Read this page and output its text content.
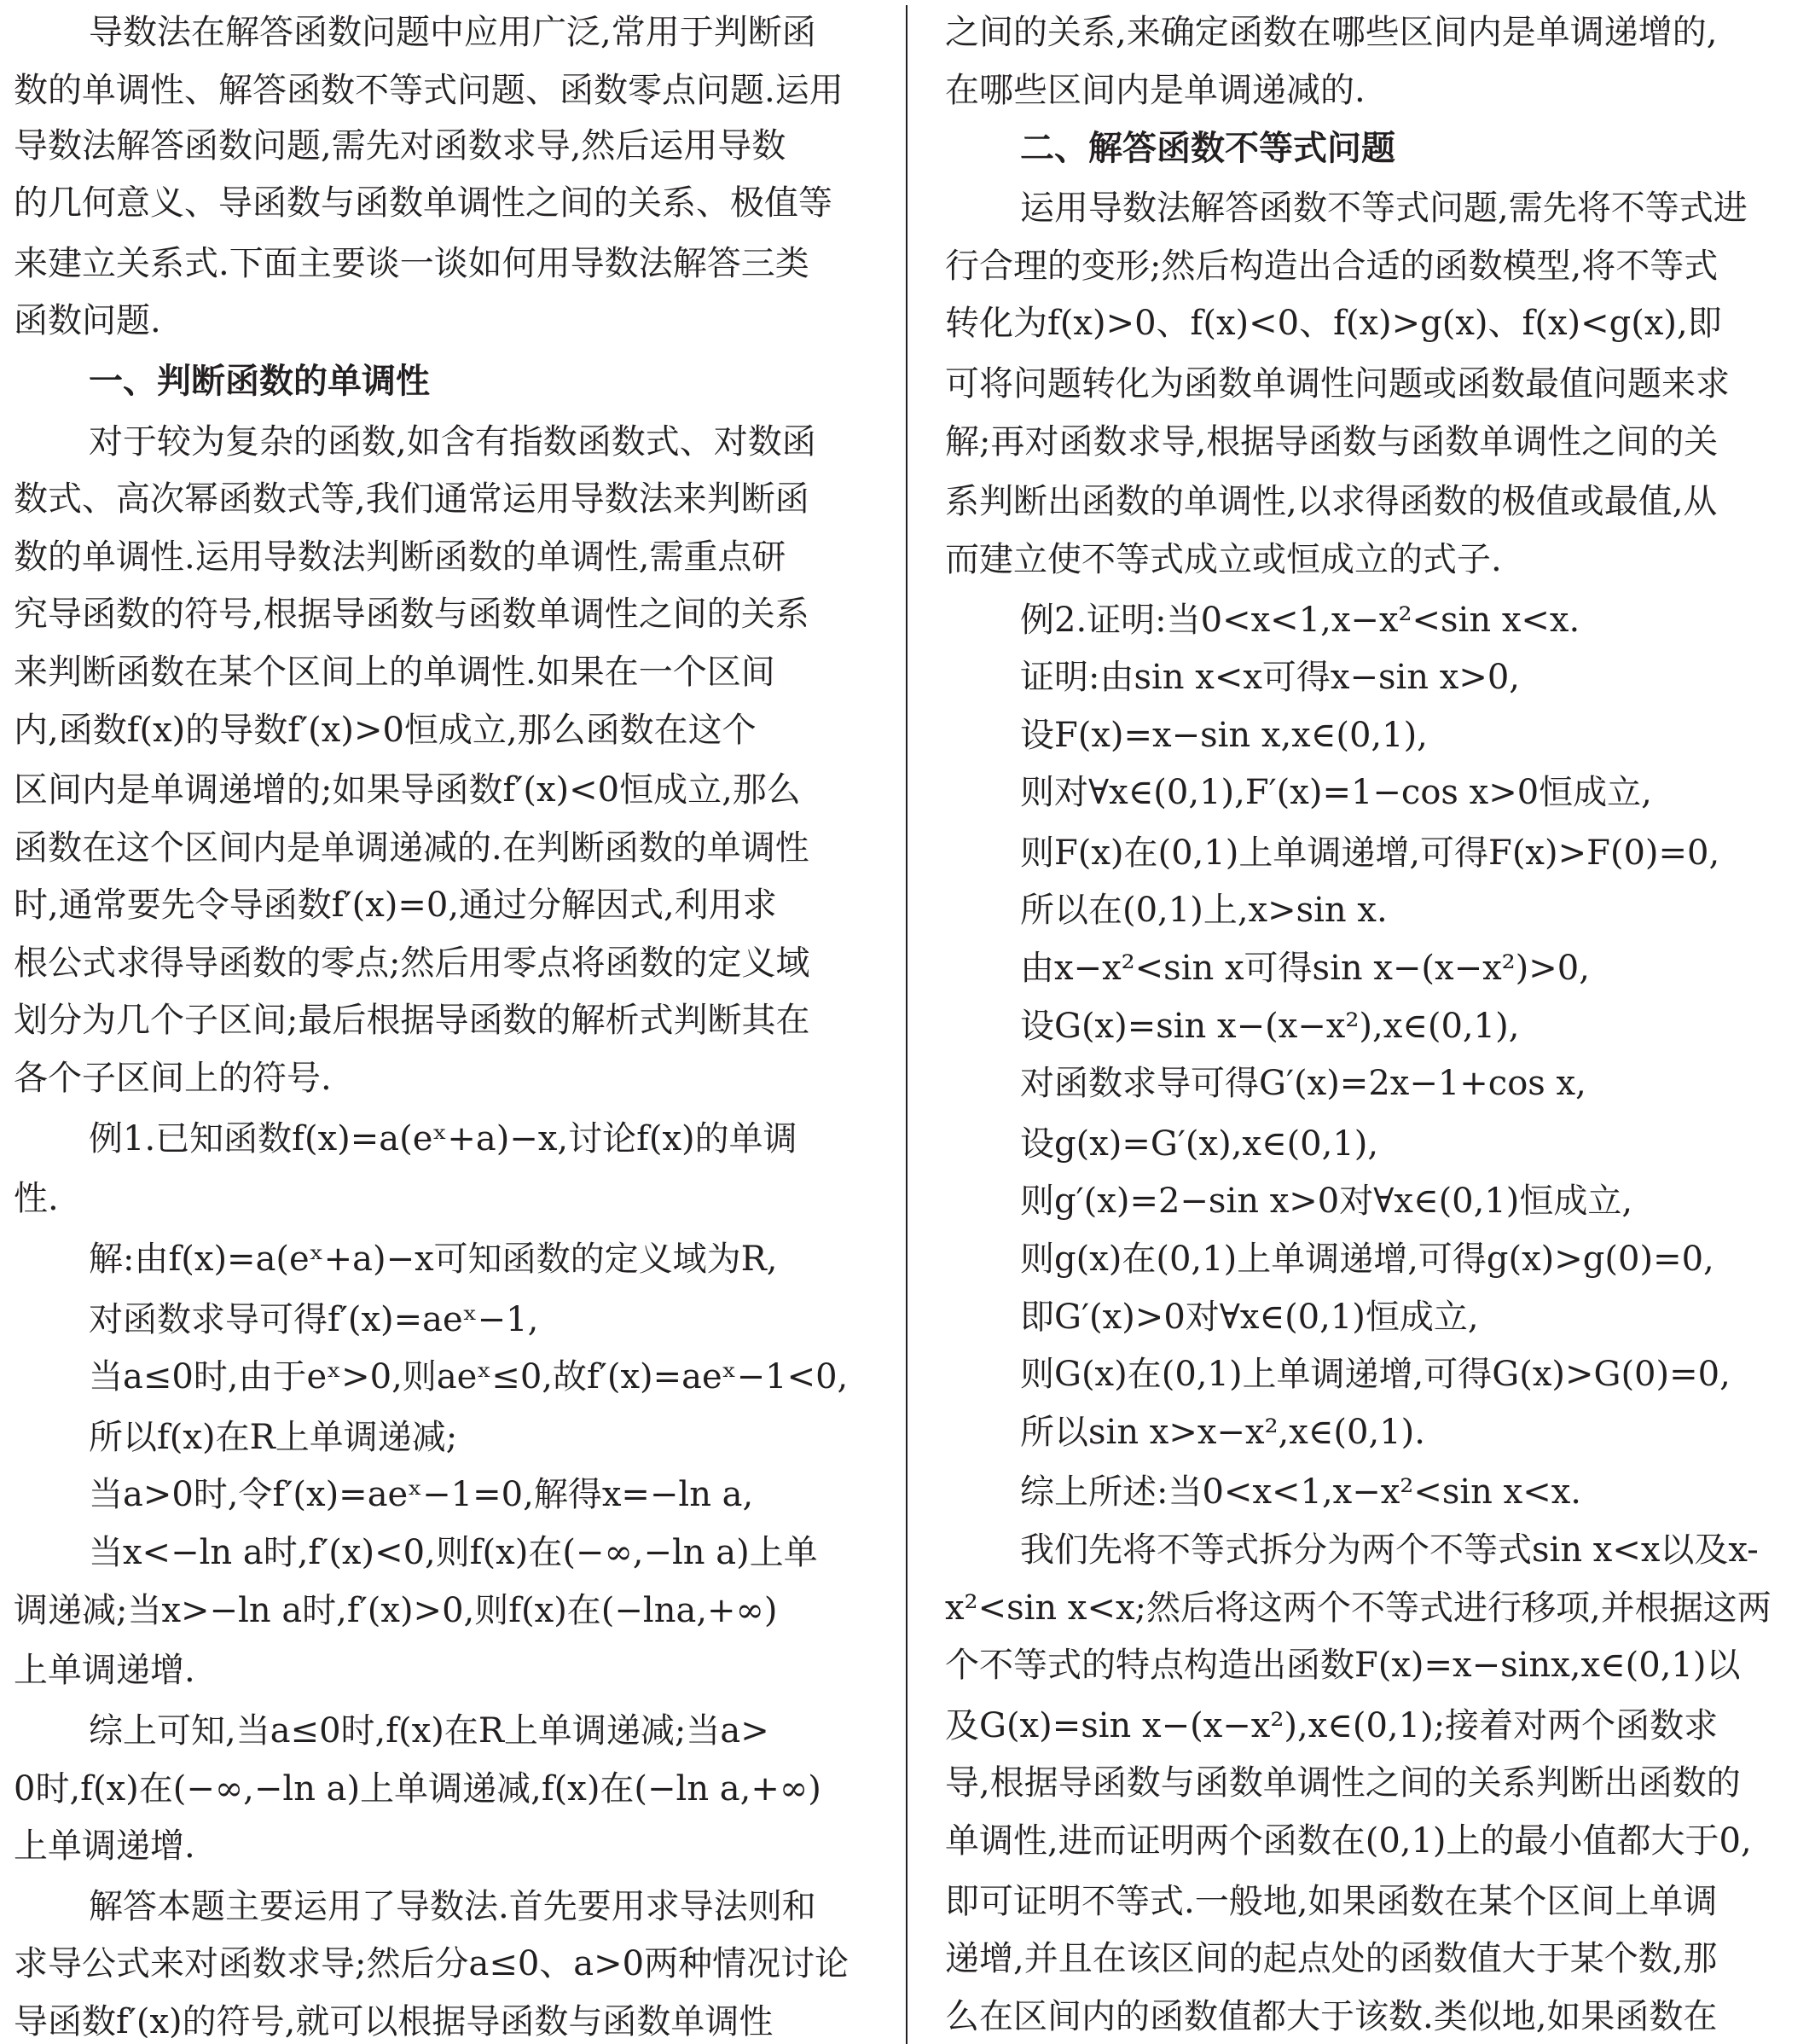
导数法在解答函数问题中应用广泛,常用于判断函
数的单调性、解答函数不等式问题、函数零点问题.运用
导数法解答函数问题,需先对函数求导,然后运用导数
的几何意义、导函数与函数单调性之间的关系、极值等
来建立关系式.下面主要谈一谈如何用导数法解答三类
函数问题.
一、判断函数的单调性
对于较为复杂的函数,如含有指数函数式、对数函
数式、高次幂函数式等,我们通常运用导数法来判断函
数的单调性.运用导数法判断函数的单调性,需重点研
究导函数的符号,根据导函数与函数单调性之间的关系
来判断函数在某个区间上的单调性.如果在一个区间
内,函数f(x)的导数f′(x)>0恒成立,那么函数在这个
区间内是单调递增的;如果导函数f′(x)<0恒成立,那么
函数在这个区间内是单调递减的.在判断函数的单调性
时,通常要先令导函数f′(x)=0,通过分解因式,利用求
根公式求得导函数的零点;然后用零点将函数的定义域
划分为几个子区间;最后根据导函数的解析式判断其在
各个子区间上的符号.
例1.已知函数f(x)=a(eˣ+a)−x,讨论f(x)的单调
性.
解:由f(x)=a(eˣ+a)−x可知函数的定义域为R,
对函数求导可得f′(x)=aeˣ−1,
当a≤0时,由于eˣ>0,则aeˣ≤0,故f′(x)=aeˣ−1<0,
所以f(x)在R上单调递减;
当a>0时,令f′(x)=aeˣ−1=0,解得x=−ln a,
当x<−ln a时,f′(x)<0,则f(x)在(−∞,−ln a)上单
调递减;当x>−ln a时,f′(x)>0,则f(x)在(−lna,+∞)
上单调递增.
综上可知,当a≤0时,f(x)在R上单调递减;当a>
0时,f(x)在(−∞,−ln a)上单调递减,f(x)在(−ln a,+∞)
上单调递增.
解答本题主要运用了导数法.首先要用求导法则和
求导公式来对函数求导;然后分a≤0、a>0两种情况讨论
导函数f′(x)的符号,就可以根据导函数与函数单调性
之间的关系,来确定函数在哪些区间内是单调递增的,
在哪些区间内是单调递减的.
二、解答函数不等式问题
运用导数法解答函数不等式问题,需先将不等式进
行合理的变形;然后构造出合适的函数模型,将不等式
转化为f(x)>0、f(x)<0、f(x)>g(x)、f(x)<g(x),即
可将问题转化为函数单调性问题或函数最值问题来求
解;再对函数求导,根据导函数与函数单调性之间的关
系判断出函数的单调性,以求得函数的极值或最值,从
而建立使不等式成立或恒成立的式子.
例2.证明:当0<x<1,x−x²<sin x<x.
证明:由sin x<x可得x−sin x>0,
设F(x)=x−sin x,x∈(0,1),
则对∀x∈(0,1),F′(x)=1−cos x>0恒成立,
则F(x)在(0,1)上单调递增,可得F(x)>F(0)=0,
所以在(0,1)上,x>sin x.
由x−x²<sin x可得sin x−(x−x²)>0,
设G(x)=sin x−(x−x²),x∈(0,1),
对函数求导可得G′(x)=2x−1+cos x,
设g(x)=G′(x),x∈(0,1),
则g′(x)=2−sin x>0对∀x∈(0,1)恒成立,
则g(x)在(0,1)上单调递增,可得g(x)>g(0)=0,
即G′(x)>0对∀x∈(0,1)恒成立,
则G(x)在(0,1)上单调递增,可得G(x)>G(0)=0,
所以sin x>x−x²,x∈(0,1).
综上所述:当0<x<1,x−x²<sin x<x.
我们先将不等式拆分为两个不等式sin x<x以及x-
x²<sin x<x;然后将这两个不等式进行移项,并根据这两
个不等式的特点构造出函数F(x)=x−sinx,x∈(0,1)以
及G(x)=sin x−(x−x²),x∈(0,1);接着对两个函数求
导,根据导函数与函数单调性之间的关系判断出函数的
单调性,进而证明两个函数在(0,1)上的最小值都大于0,
即可证明不等式.一般地,如果函数在某个区间上单调
递增,并且在该区间的起点处的函数值大于某个数,那
么在区间内的函数值都大于该数.类似地,如果函数在
